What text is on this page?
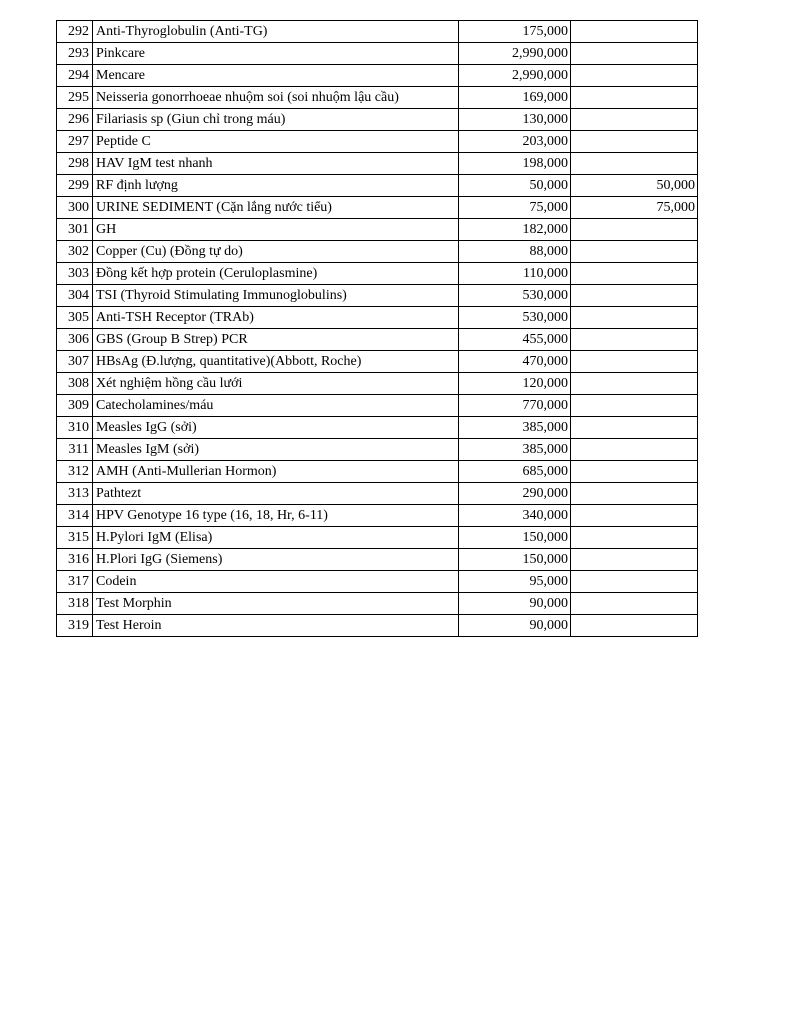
292	Anti-Thyroglobulin (Anti-TG)	175,000	
293	Pinkcare	2,990,000	
294	Mencare	2,990,000	
295	Neisseria gonorrhoeae nhuộm soi (soi nhuộm lậu cầu)	169,000	
296	Filariasis sp (Giun chỉ trong máu)	130,000	
297	Peptide C	203,000	
298	HAV IgM test nhanh	198,000	
299	RF định lượng	50,000	50,000
300	URINE SEDIMENT (Cặn lắng nước tiểu)	75,000	75,000
301	GH	182,000	
302	Copper (Cu) (Đồng tự do)	88,000	
303	Đồng kết hợp protein (Ceruloplasmine)	110,000	
304	TSI (Thyroid Stimulating Immunoglobulins)	530,000	
305	Anti-TSH Receptor (TRAb)	530,000	
306	GBS (Group B Strep) PCR	455,000	
307	HBsAg (Đ.lượng, quantitative)(Abbott, Roche)	470,000	
308	Xét nghiệm hồng cầu lưới	120,000	
309	Catecholamines/máu	770,000	
310	Measles IgG (sởi)	385,000	
311	Measles IgM (sởi)	385,000	
312	AMH (Anti-Mullerian Hormon)	685,000	
313	Pathtezt	290,000	
314	HPV Genotype 16 type (16, 18, Hr, 6-11)	340,000	
315	H.Pylori IgM (Elisa)	150,000	
316	H.Plori IgG (Siemens)	150,000	
317	Codein	95,000	
318	Test Morphin	90,000	
319	Test Heroin	90,000	
